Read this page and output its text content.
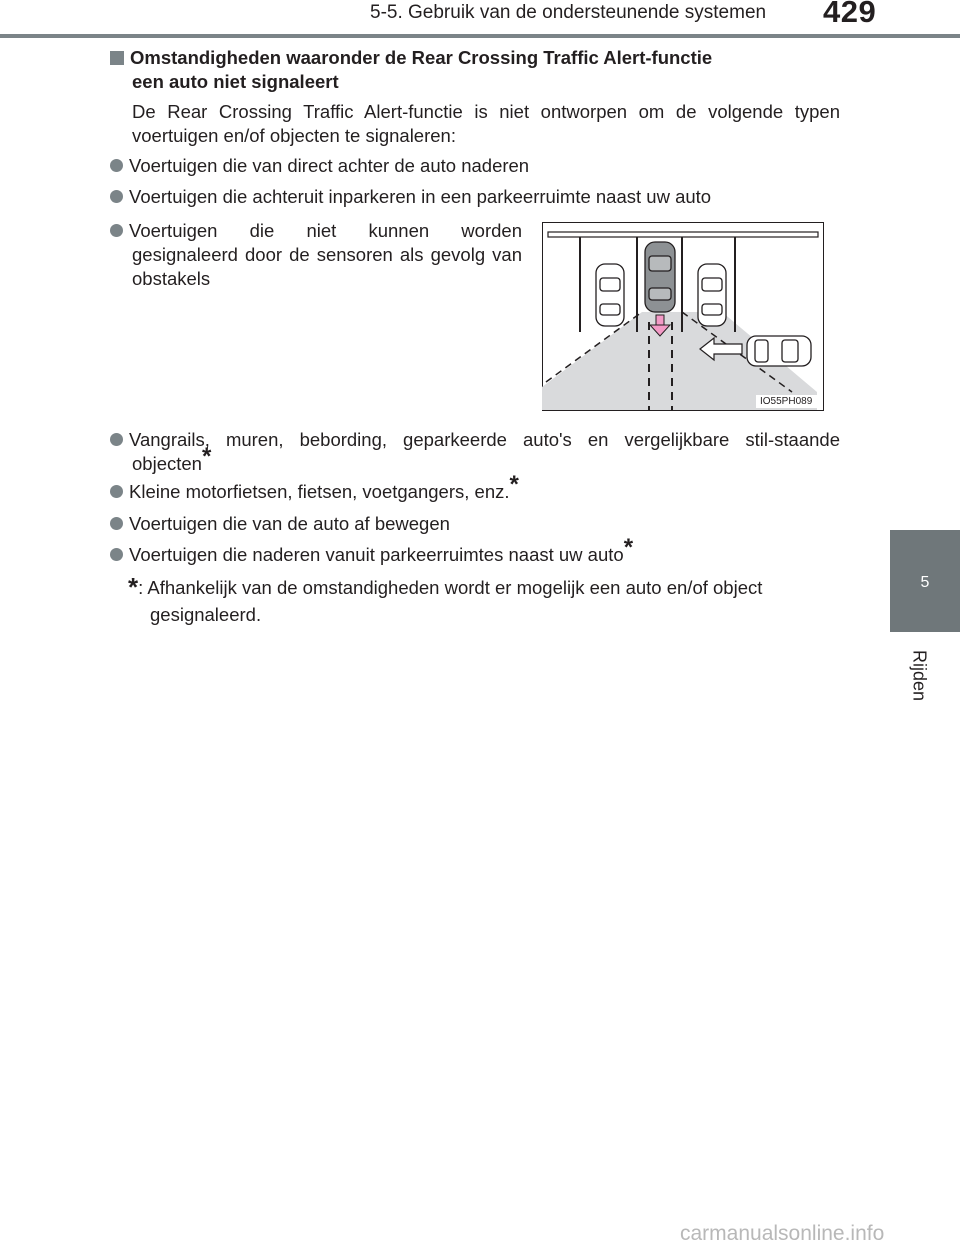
5-5. Gebruik van de ondersteunende systemen 429
5
Rijden
Omstandigheden waaronder de Rear Crossing Traffic Alert-functie
een auto niet signaleert
De Rear Crossing Traffic Alert-functie is niet ontworpen om de volgende typen voertuigen en/of objecten te signaleren:
Voertuigen die van direct achter de auto naderen
Voertuigen die achteruit inparkeren in een parkeerruimte naast uw auto
Voertuigen die niet kunnen worden gesignaleerd door de sensoren als gevolg van obstakels
Vangrails, muren, bebording, geparkeerde auto's en vergelijkbare stil-staande objecten*
Kleine motorfietsen, fietsen, voetgangers, enz.*
Voertuigen die van de auto af bewegen
Voertuigen die naderen vanuit parkeerruimtes naast uw auto*
*: Afhankelijk van de omstandigheden wordt er mogelijk een auto en/of object
gesignaleerd.
IO55PH089
carmanualsonline.info
